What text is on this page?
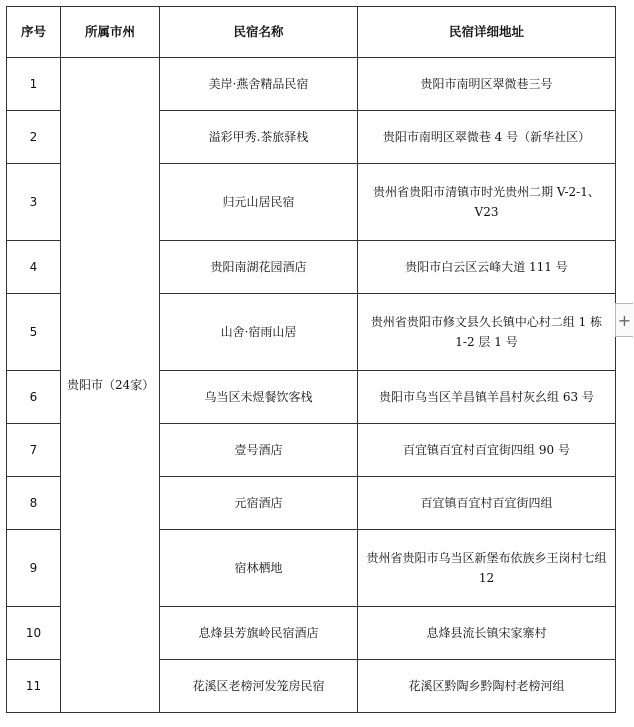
序号	所属市州	民宿名称	民宿详细地址
1	贵阳市（24家）	美岸·燕舍精品民宿	贵阳市南明区翠微巷三号
2		溢彩甲秀.茶旅驿栈	贵阳市南明区翠微巷 4 号（新华社区）
3		归元山居民宿	贵州省贵阳市清镇市时光贵州二期 V-2-1、V23
4		贵阳南湖花园酒店	贵阳市白云区云峰大道 111 号
5		山舍·宿雨山居	贵州省贵阳市修文县久长镇中心村二组 1 栋 1-2 层 1 号
6		乌当区未煜餐饮客栈	贵阳市乌当区羊昌镇羊昌村灰幺组 63 号
7		壹号酒店	百宜镇百宜村百宜街四组 90 号
8		元宿酒店	百宜镇百宜村百宜街四组
9		宿林栖地	贵州省贵阳市乌当区新堡布依族乡王岗村七组 12
10		息烽县芳旗岭民宿酒店	息烽县流长镇宋家寨村
11		花溪区老榜河发笼房民宿	花溪区黔陶乡黔陶村老榜河组
+
